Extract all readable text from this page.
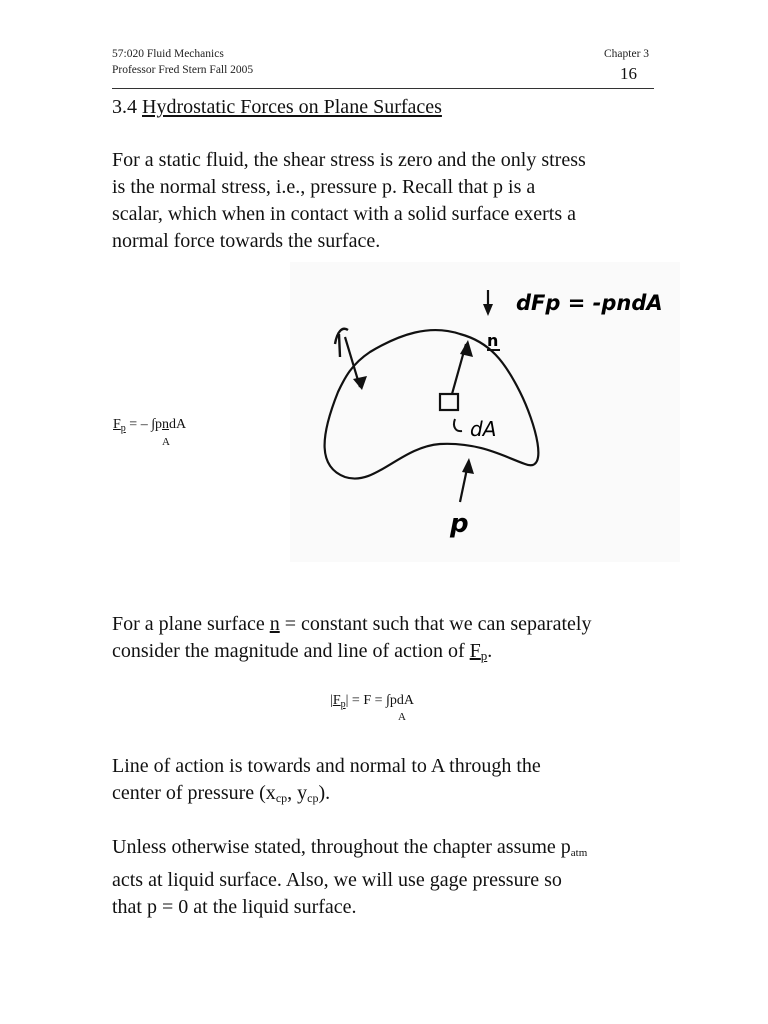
57:020 Fluid Mechanics
Professor Fred Stern Fall 2005
Chapter 3
16
3.4 Hydrostatic Forces on Plane Surfaces
For a static fluid, the shear stress is zero and the only stress
is the normal stress, i.e., pressure p. Recall that p is a
scalar, which when in contact with a solid surface exerts a
normal force towards the surface.
$F_p$ = – ∫pndA
A
n
dA
dFp = -pndA
p
For a plane surface n = constant such that we can separately
consider the magnitude and line of action of $F_p$.
$|F_p| = F = \int pdA$
A
Line of action is towards and normal to A through the
center of pressure ($x_{cp}$, $y_{cp}$).
Unless otherwise stated, throughout the chapter assume $p_{atm}$
acts at liquid surface. Also, we will use gage pressure so
that p = 0 at the liquid surface.
